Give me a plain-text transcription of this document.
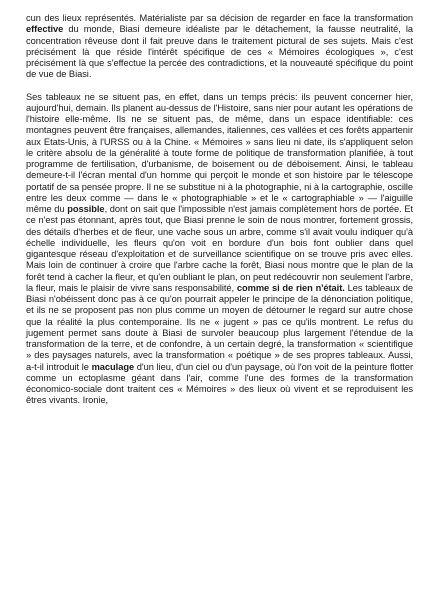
cun des lieux représentés. Matérialiste par sa décision de regarder en face la transformation effective du monde, Biasi demeure idéaliste par le détachement, la fausse neutralité, la concentration rêveuse dont il fait preuve dans le traitement pictural de ses sujets. Mais c'est précisément là que réside l'intérêt spécifique de ces « Mémoires écologiques », c'est précisément là que s'effectue la percée des contradictions, et la nouveauté spécifique du point de vue de Biasi.

Ses tableaux ne se situent pas, en effet, dans un temps précis: ils peuvent concerner hier, aujourd'hui, demain. Ils planent au-dessus de l'Histoire, sans nier pour autant les opérations de l'histoire elle-même. Ils ne se situent pas, de même, dans un espace identifiable: ces montagnes peuvent être françaises, allemandes, italiennes, ces vallées et ces forêts appartenir aux Etats-Unis, à l'URSS ou à la Chine. « Mémoires » sans lieu ni date, ils s'appliquent selon le critère absolu de la généralité à toute forme de politique de transformation planifiée, à tout programme de fertilisation, d'urbanisme, de boisement ou de déboisement. Ainsi, le tableau demeure-t-il l'écran mental d'un homme qui perçoit le monde et son histoire par le télescope portatif de sa pensée propre. Il ne se substitue ni à la photographie, ni à la cartographie, oscille entre les deux comme — dans le « photographiable » et le « cartographiable » — l'aiguille même du possible, dont on sait que l'impossible n'est jamais complètement hors de portée. Et ce n'est pas étonnant, après tout, que Biasi prenne le soin de nous montrer, fortement grossis, des détails d'herbes et de fleur, une vache sous un arbre, comme s'il avait voulu indiquer qu'à échelle individuelle, les fleurs qu'on voit en bordure d'un bois font oublier dans quel gigantesque réseau d'exploitation et de surveillance scientifique on se trouve pris avec elles. Mais loin de continuer à croire que l'arbre cache la forêt, Biasi nous montre que le plan de la forêt tend à cacher la fleur, et qu'en oubliant le plan, on peut redécouvrir non seulement l'arbre, la fleur, mais le plaisir de vivre sans responsabilité, comme si de rien n'était. Les tableaux de Biasi n'obéissent donc pas à ce qu'on pourrait appeler le principe de la dénonciation politique, et ils ne se proposent pas non plus comme un moyen de détourner le regard sur autre chose que la réalité la plus contemporaine. Ils ne « jugent » pas ce qu'ils montrent. Le refus du jugement permet sans doute à Biasi de survoler beaucoup plus largement l'étendue de la transformation de la terre, et de confondre, à un certain degré, la transformation « scientifique » des paysages naturels, avec la transformation « poétique » de ses propres tableaux. Aussi, a-t-il introduit le maculage d'un lieu, d'un ciel ou d'un paysage, où l'on voit de la peinture flotter comme un ectoplasme géant dans l'air, comme l'une des formes de la transformation économico-sociale dont traitent ces « Mémoires » des lieux où vivent et se reproduisent les êtres vivants. Ironie,
